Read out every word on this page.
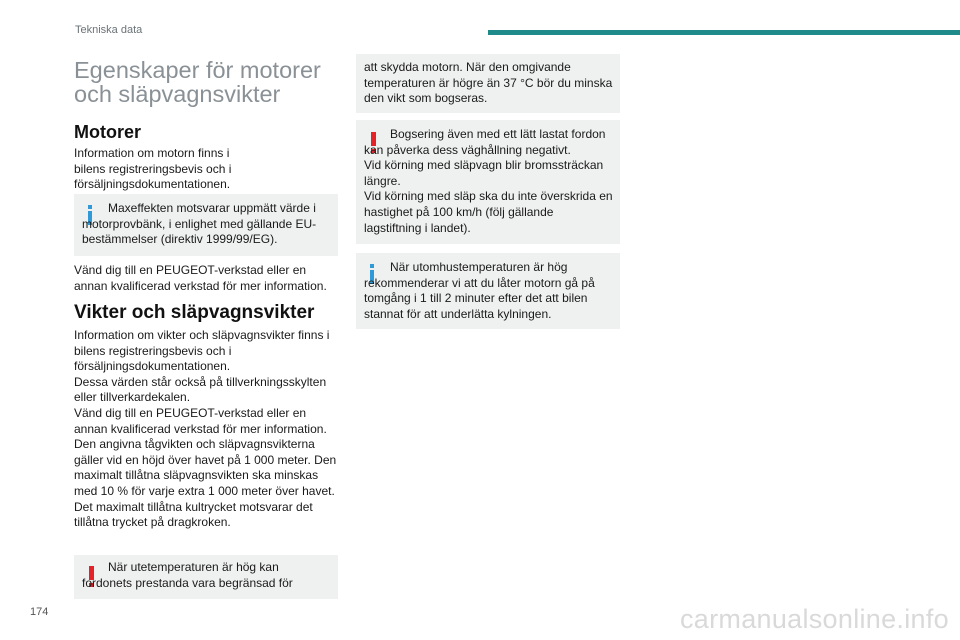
Tekniska data
Egenskaper för motorer och släpvagnsvikter
Motorer

Information om motorn finns i bilens registreringsbevis och i försäljningsdokumentationen.

Maxeffekten motsvarar uppmätt värde i motorprovbänk, i enlighet med gällande EU-bestämmelser (direktiv 1999/99/EG).

Vänd dig till en PEUGEOT-verkstad eller en annan kvalificerad verkstad för mer information.

Vikter och släpvagnsvikter

Information om vikter och släpvagnsvikter finns i bilens registreringsbevis och i försäljningsdokumentationen.
Dessa värden står också på tillverkningsskylten eller tillverkardekalen.
Vänd dig till en PEUGEOT-verkstad eller en annan kvalificerad verkstad för mer information.
Den angivna tågvikten och släpvagnsvikterna gäller vid en höjd över havet på 1 000 meter. Den maximalt tillåtna släpvagnsvikten ska minskas med 10 % för varje extra 1 000 meter över havet.
Det maximalt tillåtna kultrycket motsvarar det tillåtna trycket på dragkroken.

När utetemperaturen är hög kan fordonets prestanda vara begränsad för
att skydda motorn. När den omgivande temperaturen är högre än 37 °C bör du minska den vikt som bogseras.
Bogsering även med ett lätt lastat fordon kan påverka dess väghållning negativt.
Vid körning med släpvagn blir bromssträckan längre.
Vid körning med släp ska du inte överskrida en hastighet på 100 km/h (följ gällande lagstiftning i landet).
När utomhustemperaturen är hög rekommenderar vi att du låter motorn gå på tomgång i 1 till 2 minuter efter det att bilen stannat för att underlätta kylningen.
174	carmanualsonline.info
